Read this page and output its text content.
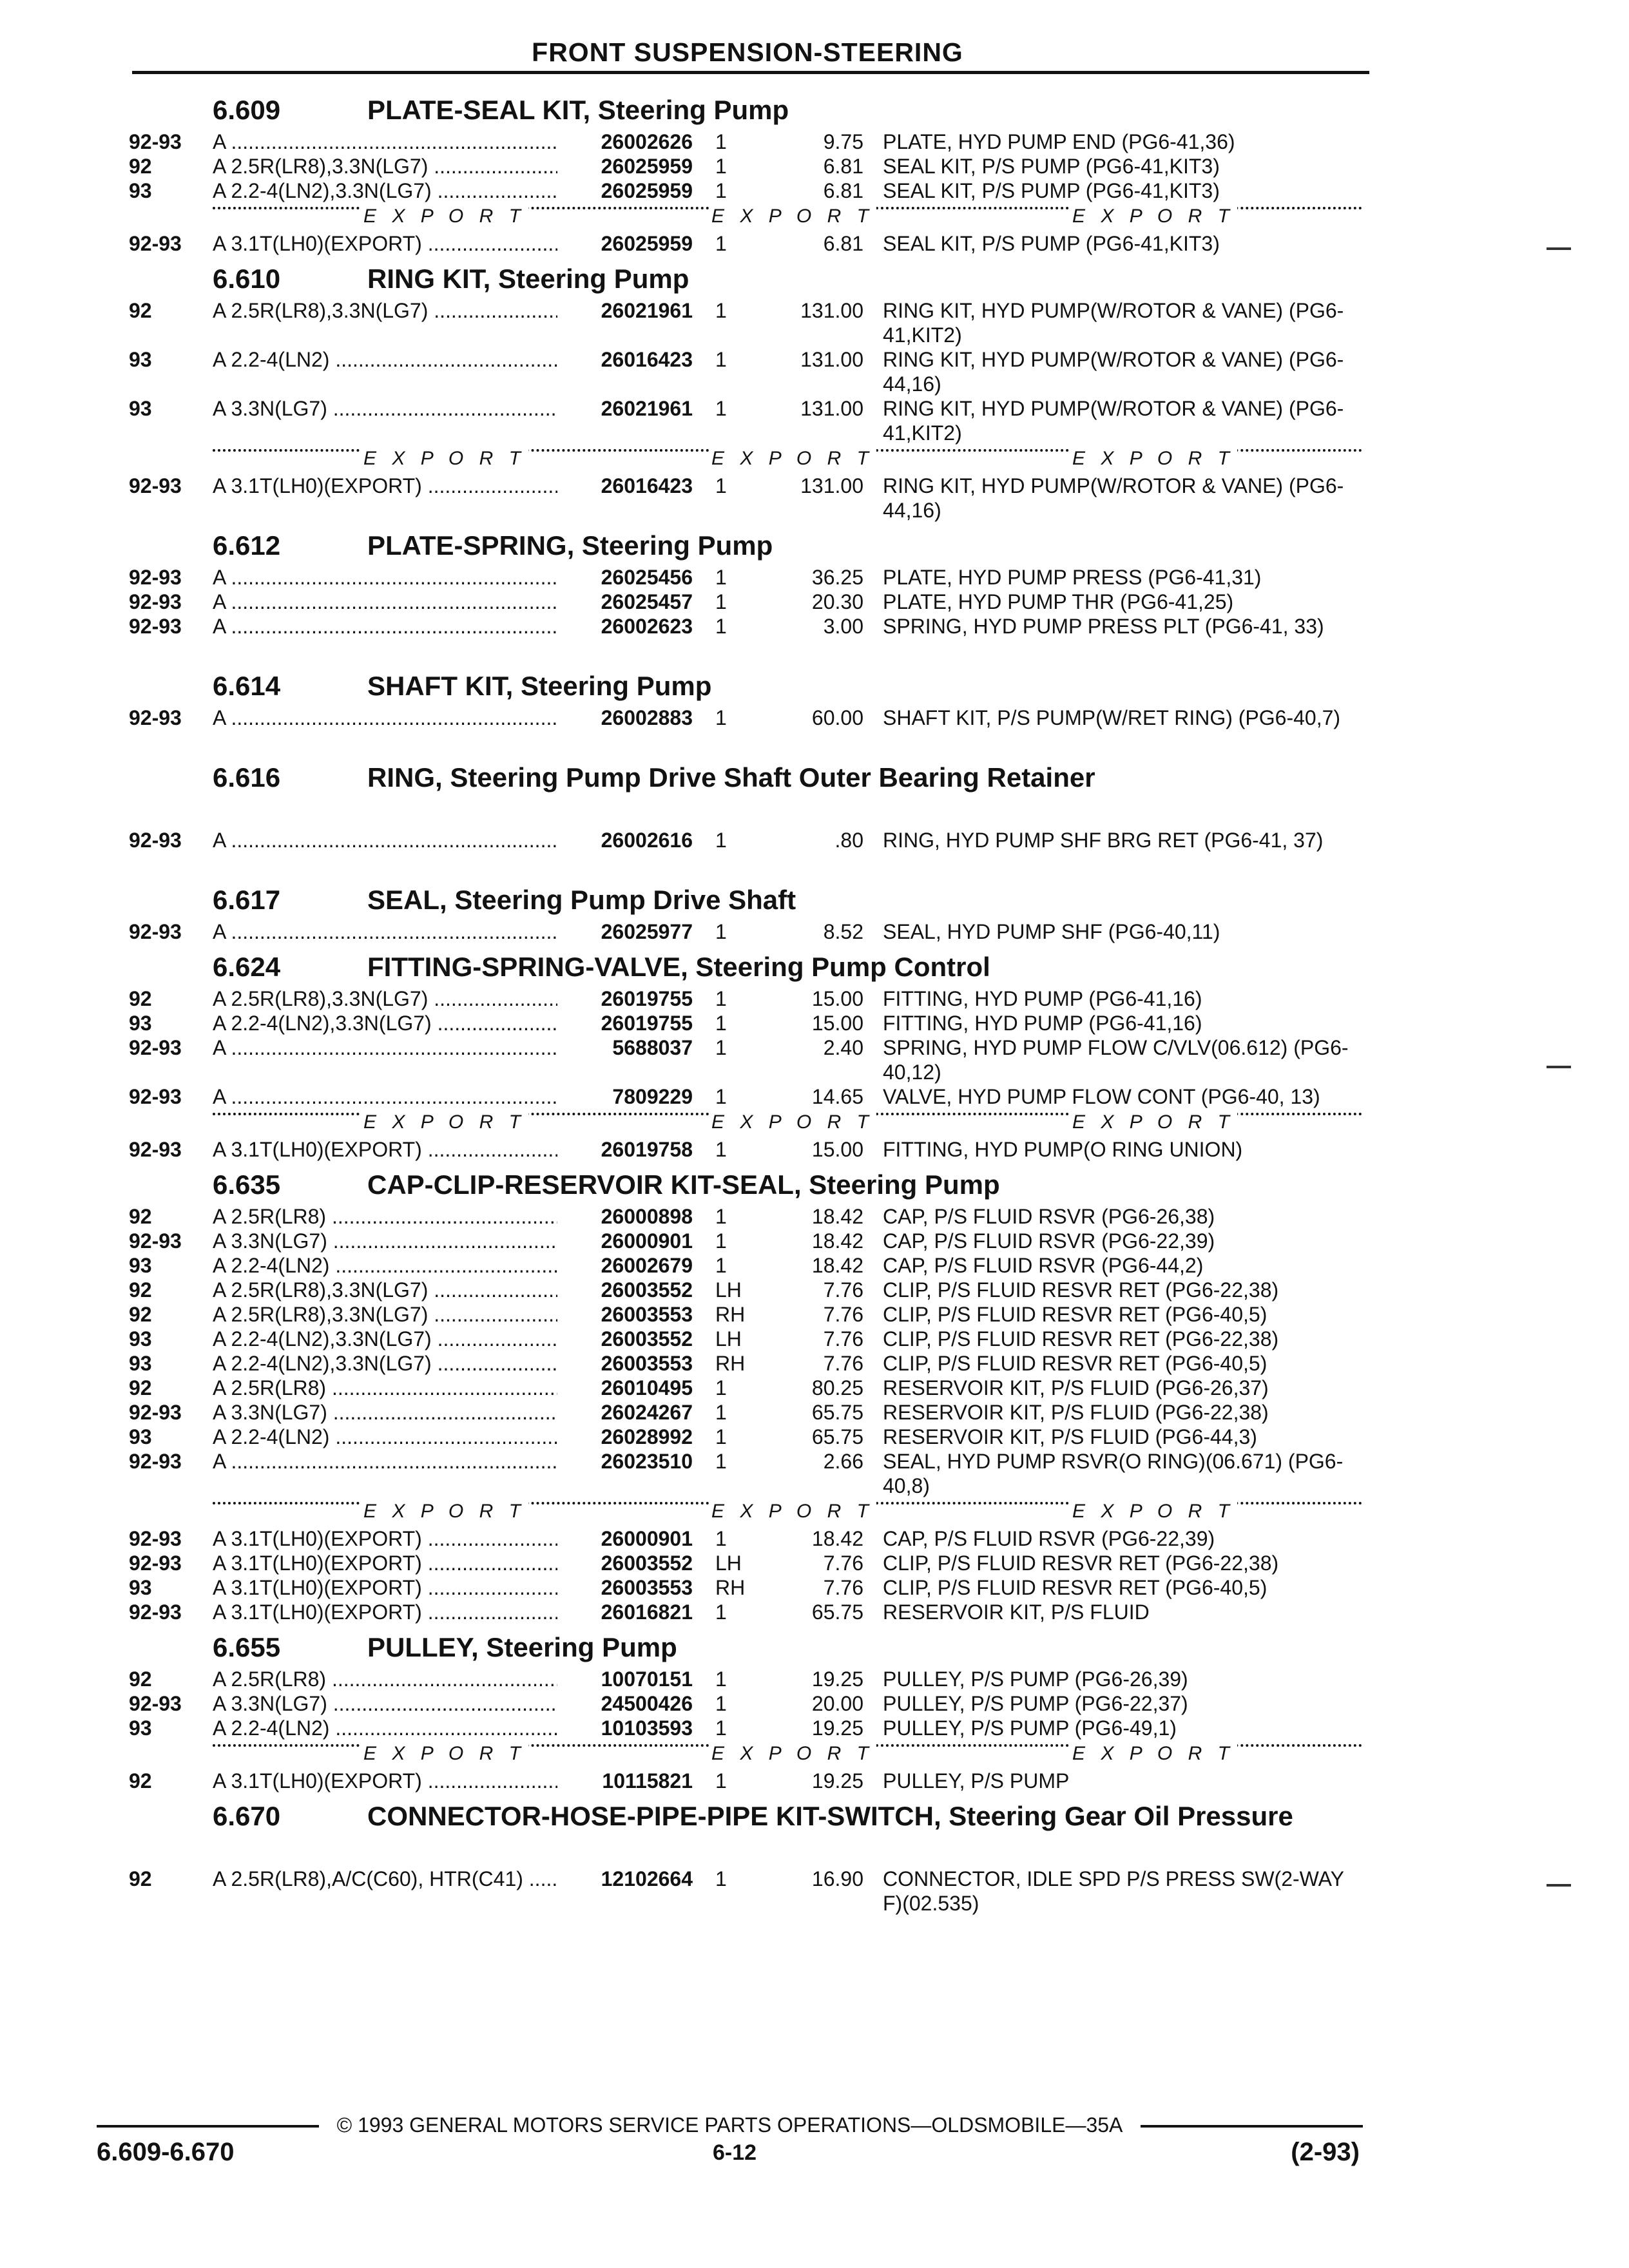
FRONT SUSPENSION-STEERING
6.609	PLATE-SEAL KIT, Steering Pump
92-93 A .....	26002626 1	9.75 PLATE, HYD PUMP END (PG6-41,36)
92	A 2.5R(LR8),3.3N(LG7) .....	26025959 1	6.81 SEAL KIT, P/S PUMP (PG6-41,KIT3)
93	A 2.2-4(LN2),3.3N(LG7) .....	26025959 1	6.81 SEAL KIT, P/S PUMP (PG6-41,KIT3)
E X P O R T	E X P O R T	E X P O R T
92-93 A 3.1T(LH0)(EXPORT) .....	26025959 1	6.81 SEAL KIT, P/S PUMP (PG6-41,KIT3)
6.610	RING KIT, Steering Pump
92	A 2.5R(LR8),3.3N(LG7) .....	26021961 1	131.00 RING KIT, HYD PUMP(W/ROTOR & VANE) (PG6-41,KIT2)
93	A 2.2-4(LN2) .....	26016423 1	131.00 RING KIT, HYD PUMP(W/ROTOR & VANE) (PG6-44,16)
93	A 3.3N(LG7) .....	26021961 1	131.00 RING KIT, HYD PUMP(W/ROTOR & VANE) (PG6-41,KIT2)
E X P O R T	E X P O R T	E X P O R T
92-93 A 3.1T(LH0)(EXPORT) .....	26016423 1	131.00 RING KIT, HYD PUMP(W/ROTOR & VANE) (PG6-44,16)
6.612	PLATE-SPRING, Steering Pump
92-93 A .....	26025456 1	36.25 PLATE, HYD PUMP PRESS (PG6-41,31)
92-93 A .....	26025457 1	20.30 PLATE, HYD PUMP THR (PG6-41,25)
92-93 A .....	26002623 1	3.00 SPRING, HYD PUMP PRESS PLT (PG6-41, 33)
6.614	SHAFT KIT, Steering Pump
92-93 A .....	26002883 1	60.00 SHAFT KIT, P/S PUMP(W/RET RING) (PG6-40,7)
6.616	RING, Steering Pump Drive Shaft Outer Bearing Retainer
92-93 A .....	26002616 1	.80 RING, HYD PUMP SHF BRG RET (PG6-41, 37)
6.617	SEAL, Steering Pump Drive Shaft
92-93 A .....	26025977 1	8.52 SEAL, HYD PUMP SHF (PG6-40,11)
6.624	FITTING-SPRING-VALVE, Steering Pump Control
92	A 2.5R(LR8),3.3N(LG7) .....	26019755 1	15.00 FITTING, HYD PUMP (PG6-41,16)
93	A 2.2-4(LN2),3.3N(LG7) .....	26019755 1	15.00 FITTING, HYD PUMP (PG6-41,16)
92-93 A .....	5688037 1	2.40 SPRING, HYD PUMP FLOW C/VLV(06.612) (PG6-40,12)
92-93 A .....	7809229 1	14.65 VALVE, HYD PUMP FLOW CONT (PG6-40, 13)
E X P O R T	E X P O R T	E X P O R T
92-93 A 3.1T(LH0)(EXPORT) .....	26019758 1	15.00 FITTING, HYD PUMP(O RING UNION)
6.635	CAP-CLIP-RESERVOIR KIT-SEAL, Steering Pump
92	A 2.5R(LR8) .....	26000898 1	18.42 CAP, P/S FLUID RSVR (PG6-26,38)
92-93 A 3.3N(LG7) .....	26000901 1	18.42 CAP, P/S FLUID RSVR (PG6-22,39)
93	A 2.2-4(LN2) .....	26002679 1	18.42 CAP, P/S FLUID RSVR (PG6-44,2)
92	A 2.5R(LR8),3.3N(LG7) .....	26003552 LH	7.76 CLIP, P/S FLUID RESVR RET (PG6-22,38)
92	A 2.5R(LR8),3.3N(LG7) .....	26003553 RH	7.76 CLIP, P/S FLUID RESVR RET (PG6-40,5)
93	A 2.2-4(LN2),3.3N(LG7) .....	26003552 LH	7.76 CLIP, P/S FLUID RESVR RET (PG6-22,38)
93	A 2.2-4(LN2),3.3N(LG7) .....	26003553 RH	7.76 CLIP, P/S FLUID RESVR RET (PG6-40,5)
92	A 2.5R(LR8) .....	26010495 1	80.25 RESERVOIR KIT, P/S FLUID (PG6-26,37)
92-93 A 3.3N(LG7) .....	26024267 1	65.75 RESERVOIR KIT, P/S FLUID (PG6-22,38)
93	A 2.2-4(LN2) .....	26028992 1	65.75 RESERVOIR KIT, P/S FLUID (PG6-44,3)
92-93 A .....	26023510 1	2.66 SEAL, HYD PUMP RSVR(O RING)(06.671) (PG6-40,8)
E X P O R T	E X P O R T	E X P O R T
92-93 A 3.1T(LH0)(EXPORT) .....	26000901 1	18.42 CAP, P/S FLUID RSVR (PG6-22,39)
92-93 A 3.1T(LH0)(EXPORT) .....	26003552 LH	7.76 CLIP, P/S FLUID RESVR RET (PG6-22,38)
93	A 3.1T(LH0)(EXPORT) .....	26003553 RH	7.76 CLIP, P/S FLUID RESVR RET (PG6-40,5)
92-93 A 3.1T(LH0)(EXPORT) .....	26016821 1	65.75 RESERVOIR KIT, P/S FLUID
6.655	PULLEY, Steering Pump
92	A 2.5R(LR8) .....	10070151 1	19.25 PULLEY, P/S PUMP (PG6-26,39)
92-93 A 3.3N(LG7) .....	24500426 1	20.00 PULLEY, P/S PUMP (PG6-22,37)
93	A 2.2-4(LN2) .....	10103593 1	19.25 PULLEY, P/S PUMP (PG6-49,1)
E X P O R T	E X P O R T	E X P O R T
92	A 3.1T(LH0)(EXPORT) .....	10115821 1	19.25 PULLEY, P/S PUMP
6.670	CONNECTOR-HOSE-PIPE-PIPE KIT-SWITCH, Steering Gear Oil Pressure
92	A 2.5R(LR8),A/C(C60), HTR(C41) .....	12102664 1	16.90 CONNECTOR, IDLE SPD P/S PRESS SW(2-WAY F)(02.535)
© 1993 GENERAL MOTORS SERVICE PARTS OPERATIONS—OLDSMOBILE—35A
6.609-6.670	6-12	(2-93)
